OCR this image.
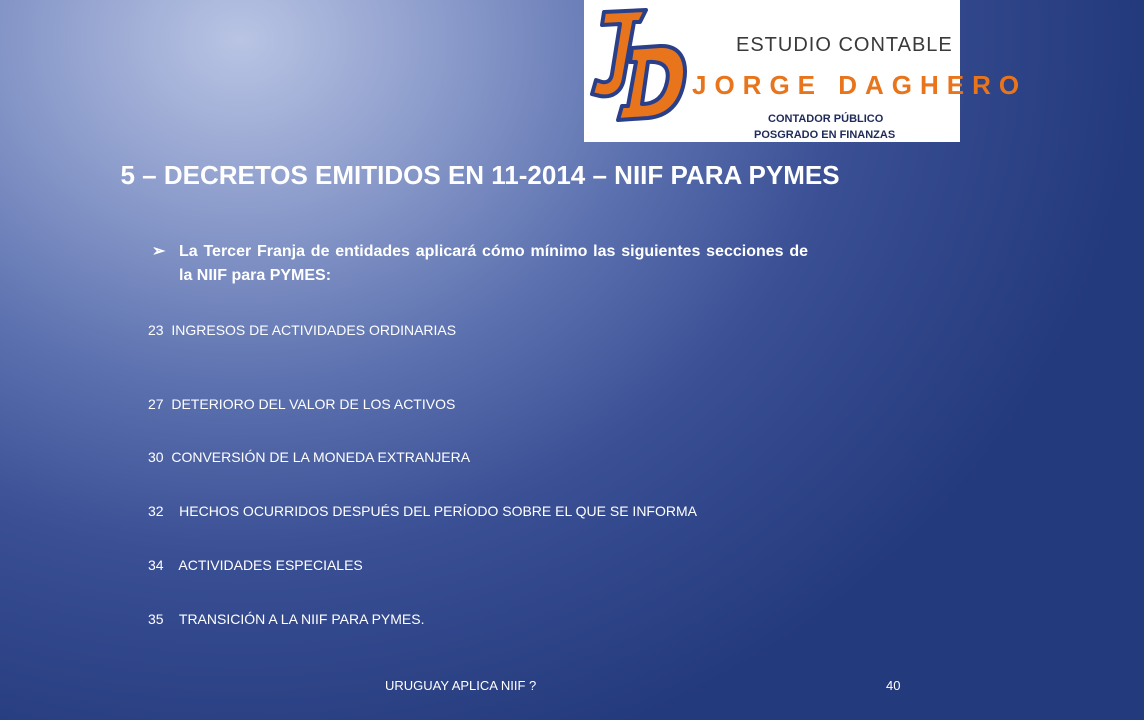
ESTUDIO CONTABLE
JORGE DAGHERO
CONTADOR PÚBLICO
POSGRADO EN FINANZAS
5 – DECRETOS EMITIDOS EN 11-2014 – NIIF PARA PYMES
➢ La Tercer Franja de entidades aplicará cómo mínimo las siguientes secciones de la NIIF para PYMES:
23 INGRESOS DE ACTIVIDADES ORDINARIAS
27 DETERIORO DEL VALOR DE LOS ACTIVOS
30 CONVERSIÓN DE LA MONEDA EXTRANJERA
32 HECHOS OCURRIDOS DESPUÉS DEL PERÍODO SOBRE EL QUE SE INFORMA
34 ACTIVIDADES ESPECIALES
35 TRANSICIÓN A LA NIIF PARA PYMES.
URUGUAY APLICA NIIF ?	40
